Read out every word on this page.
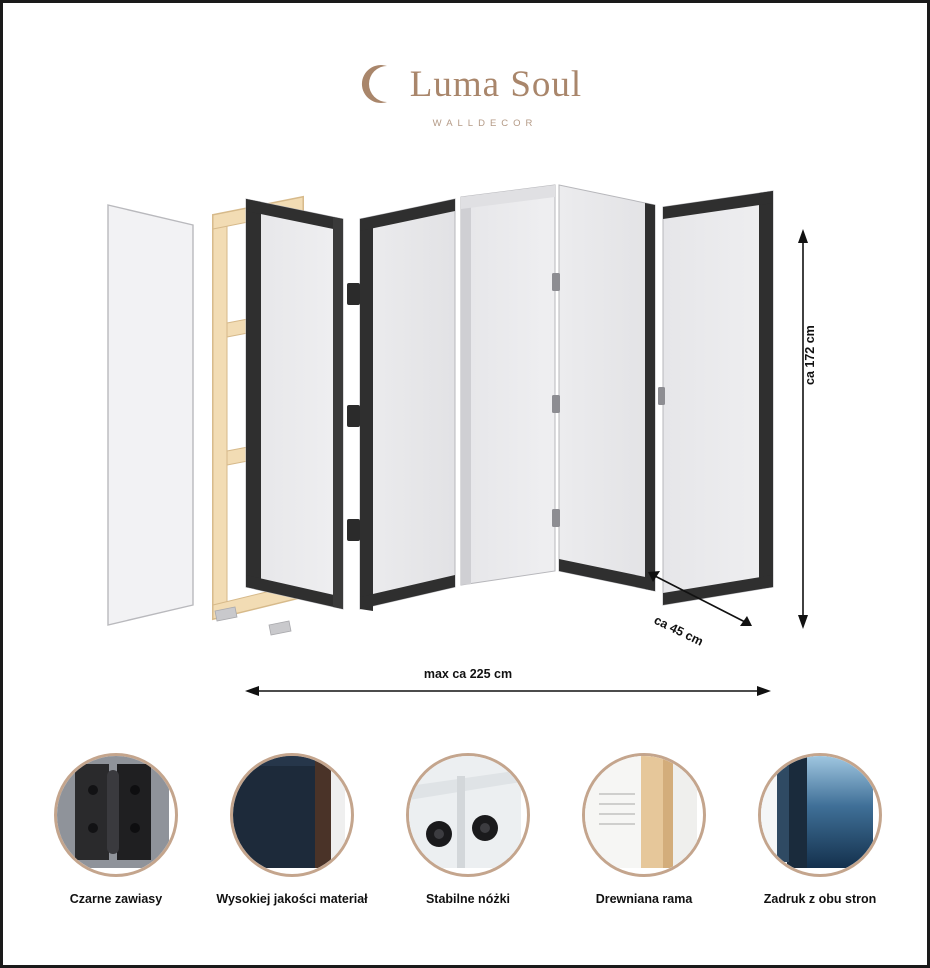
Luma Soul
WALLDECOR
ca 172 cm
ca 45 cm
max ca 225 cm
Czarne zawiasy	Wysokiej jakości materiał	Stabilne nóżki	Drewniana rama	Zadruk z obu stron
